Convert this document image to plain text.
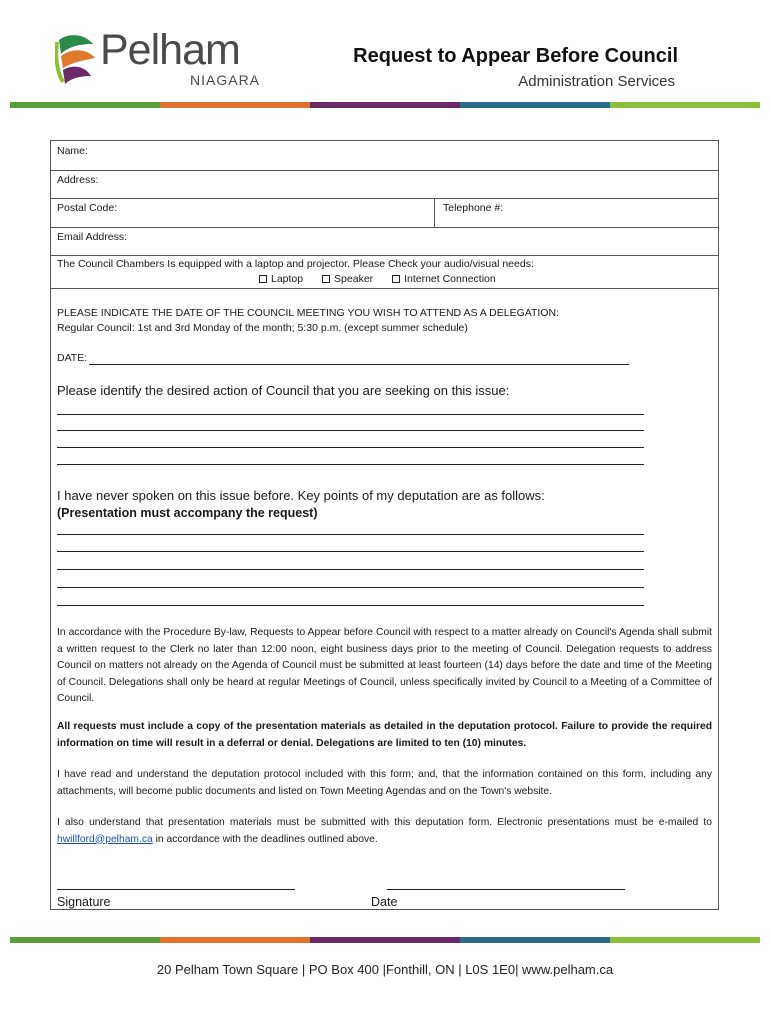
Pelham
NIAGARA
Request to Appear Before Council
Administration Services
Name:
Address:
Postal Code:	Telephone #:
Email Address:
The Council Chambers Is equipped with a laptop and projector. Please Check your audio/visual needs:
Laptop	Speaker	Internet Connection
PLEASE INDICATE THE DATE OF THE COUNCIL MEETING YOU WISH TO ATTEND AS A DELEGATION:
Regular Council: 1st and 3rd Monday of the month; 5:30 p.m. (except summer schedule)
DATE:
Please identify the desired action of Council that you are seeking on this issue:
I have never spoken on this issue before. Key points of my deputation are as follows:
(Presentation must accompany the request)
In accordance with the Procedure By-law, Requests to Appear before Council with respect to a matter already on Council's Agenda shall submit a written request to the Clerk no later than 12:00 noon, eight business days prior to the meeting of Council. Delegation requests to address Council on matters not already on the Agenda of Council must be submitted at least fourteen (14) days before the date and time of the Meeting of Council. Delegations shall only be heard at regular Meetings of Council, unless specifically invited by Council to a Meeting of a Committee of Council.
All requests must include a copy of the presentation materials as detailed in the deputation protocol. Failure to provide the required information on time will result in a deferral or denial. Delegations are limited to ten (10) minutes.
I have read and understand the deputation protocol included with this form; and, that the information contained on this form, including any attachments, will become public documents and listed on Town Meeting Agendas and on the Town's website.
I also understand that presentation materials must be submitted with this deputation form. Electronic presentations must be e-mailed to hwillford@pelham.ca in accordance with the deadlines outlined above.
Signature	Date
20 Pelham Town Square | PO Box 400 |Fonthill, ON | L0S 1E0| www.pelham.ca
